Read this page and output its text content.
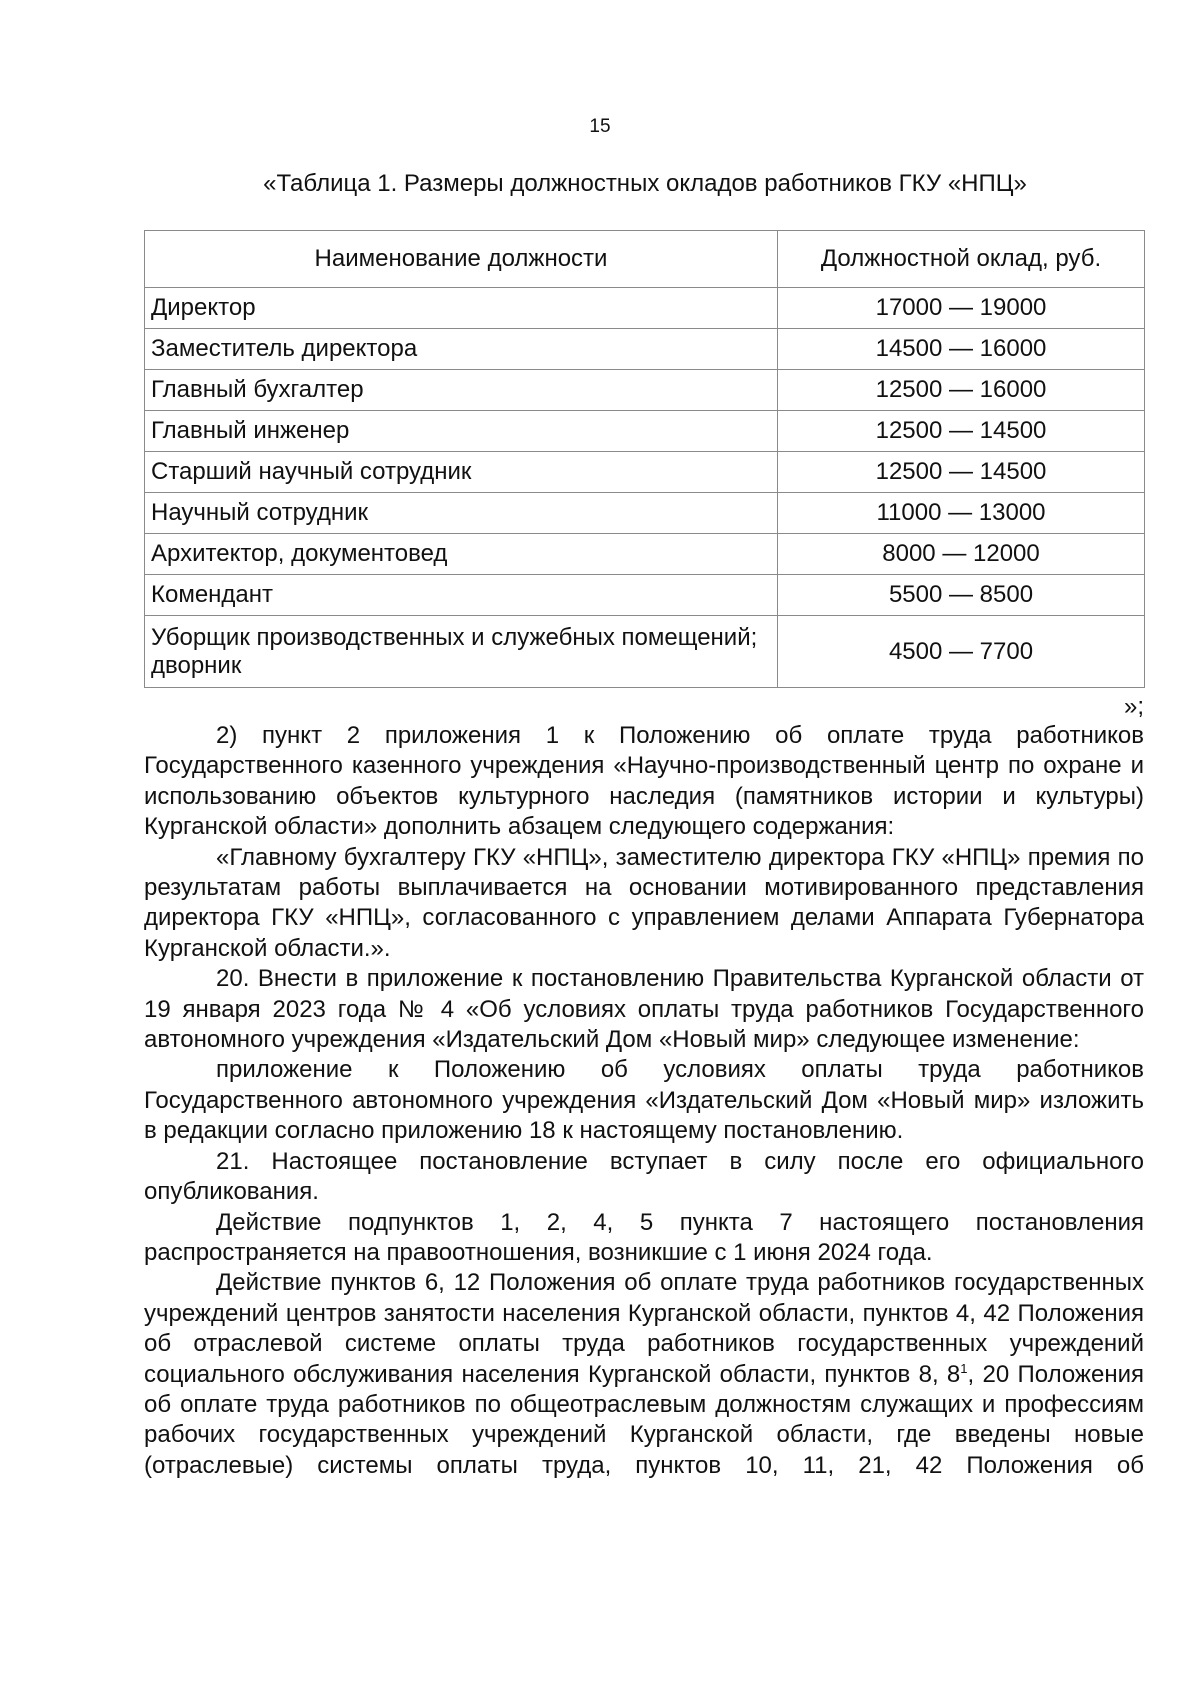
15
«Таблица 1. Размеры должностных окладов работников ГКУ «НПЦ»
Наименование должности	Должностной оклад, руб.
Директор	17000 — 19000
Заместитель директора	14500 — 16000
Главный бухгалтер	12500 — 16000
Главный инженер	12500 — 14500
Старший научный сотрудник	12500 — 14500
Научный сотрудник	11000 — 13000
Архитектор, документовед	8000 — 12000
Комендант	5500 — 8500
Уборщик производственных и служебных помещений; дворник	4500 — 7700
»;

2) пункт 2 приложения 1 к Положению об оплате труда работников Государственного казенного учреждения «Научно-производственный центр по охране и использованию объектов культурного наследия (памятников истории и культуры) Курганской области» дополнить абзацем следующего содержания:

«Главному бухгалтеру ГКУ «НПЦ», заместителю директора ГКУ «НПЦ» премия по результатам работы выплачивается на основании мотивированного представления директора ГКУ «НПЦ», согласованного с управлением делами Аппарата Губернатора Курганской области.».

20. Внести в приложение к постановлению Правительства Курганской области от 19 января 2023 года № 4 «Об условиях оплаты труда работников Государственного автономного учреждения «Издательский Дом «Новый мир» следующее изменение:

приложение к Положению об условиях оплаты труда работников Государственного автономного учреждения «Издательский Дом «Новый мир» изложить в редакции согласно приложению 18 к настоящему постановлению.

21. Настоящее постановление вступает в силу после его официального опубликования.

Действие подпунктов 1, 2, 4, 5 пункта 7 настоящего постановления распространяется на правоотношения, возникшие с 1 июня 2024 года.

Действие пунктов 6, 12 Положения об оплате труда работников государственных учреждений центров занятости населения Курганской области, пунктов 4, 42 Положения об отраслевой системе оплаты труда работников государственных учреждений социального обслуживания населения Курганской области, пунктов 8, $8^1$, 20 Положения об оплате труда работников по общеотраслевым должностям служащих и профессиям рабочих государственных учреждений Курганской области, где введены новые (отраслевые) системы оплаты труда, пунктов 10, 11, 21, 42 Положения об
